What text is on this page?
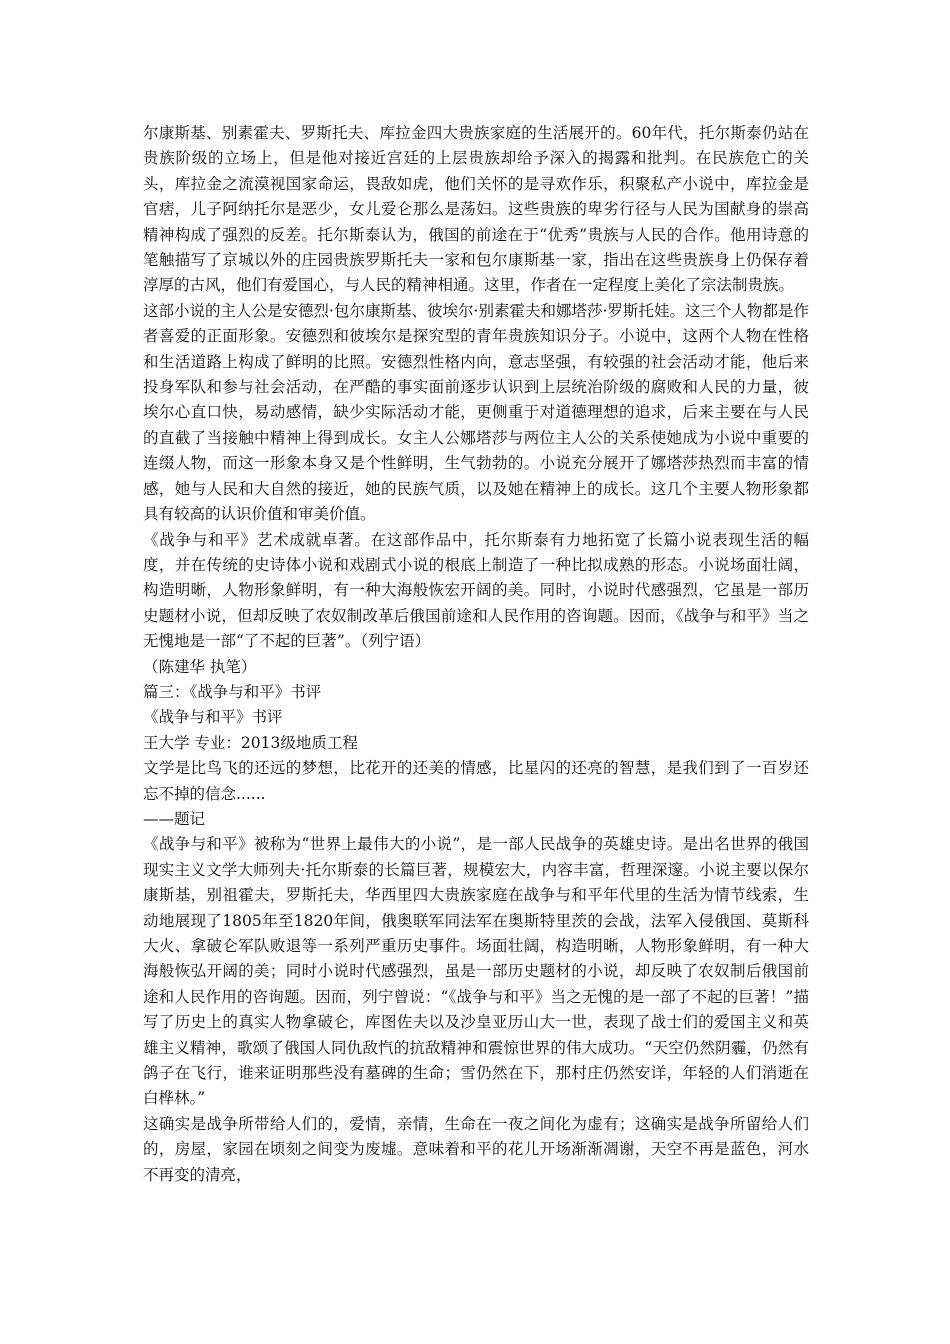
尔康斯基、别素霍夫、罗斯托夫、库拉金四大贵族家庭的生活展开的。60年代，托尔斯泰仍站在贵族阶级的立场上，但是他对接近宫廷的上层贵族却给予深入的揭露和批判。在民族危亡的关头，库拉金之流漠视国家命运，畏敌如虎，他们关怀的是寻欢作乐，积聚私产小说中，库拉金是官痞，儿子阿纳托尔是恶少，女儿爱仑那么是荡妇。这些贵族的卑劣行径与人民为国献身的崇高精神构成了强烈的反差。托尔斯泰认为，俄国的前途在于“优秀”贵族与人民的合作。他用诗意的笔触描写了京城以外的庄园贵族罗斯托夫一家和包尔康斯基一家，指出在这些贵族身上仍保存着淳厚的古风，他们有爱国心，与人民的精神相通。这里，作者在一定程度上美化了宗法制贵族。

这部小说的主人公是安德烈·包尔康斯基、彼埃尔·别素霍夫和娜塔莎·罗斯托娃。这三个人物都是作者喜爱的正面形象。安德烈和彼埃尔是探究型的青年贵族知识分子。小说中，这两个人物在性格和生活道路上构成了鲜明的比照。安德烈性格内向，意志坚强，有较强的社会活动才能，他后来投身军队和参与社会活动，在严酷的事实面前逐步认识到上层统治阶级的腐败和人民的力量，彼埃尔心直口快，易动感情，缺少实际活动才能，更侧重于对道德理想的追求，后来主要在与人民的直截了当接触中精神上得到成长。女主人公娜塔莎与两位主人公的关系使她成为小说中重要的连缀人物，而这一形象本身又是个性鲜明，生气勃勃的。小说充分展开了娜塔莎热烈而丰富的情感，她与人民和大自然的接近，她的民族气质，以及她在精神上的成长。这几个主要人物形象都具有较高的认识价值和审美价值。

《战争与和平》艺术成就卓著。在这部作品中，托尔斯泰有力地拓宽了长篇小说表现生活的幅度，并在传统的史诗体小说和戏剧式小说的根底上制造了一种比拟成熟的形态。小说场面壮阔，构造明晰，人物形象鲜明，有一种大海般恢宏开阔的美。同时，小说时代感强烈，它虽是一部历史题材小说，但却反映了农奴制改革后俄国前途和人民作用的咨询题。因而，《战争与和平》当之无愧地是一部“了不起的巨著”。（列宁语）

（陈建华 执笔）

篇三：《战争与和平》书评

《战争与和平》书评

王大学 专业：2013级地质工程

文学是比鸟飞的还远的梦想，比花开的还美的情感，比星闪的还亮的智慧，是我们到了一百岁还忘不掉的信念......

——题记

《战争与和平》被称为“世界上最伟大的小说”，是一部人民战争的英雄史诗。是出名世界的俄国现实主义文学大师列夫·托尔斯泰的长篇巨著，规模宏大，内容丰富，哲理深邃。小说主要以保尔康斯基，别祖霍夫，罗斯托夫，华西里四大贵族家庭在战争与和平年代里的生活为情节线索，生动地展现了1805年至1820年间，俄奥联军同法军在奥斯特里茨的会战，法军入侵俄国、莫斯科大火、拿破仑军队败退等一系列严重历史事件。场面壮阔，构造明晰，人物形象鲜明，有一种大海般恢弘开阔的美；同时小说时代感强烈，虽是一部历史题材的小说，却反映了农奴制后俄国前途和人民作用的咨询题。因而，列宁曾说：“《战争与和平》当之无愧的是一部了不起的巨著！”描写了历史上的真实人物拿破仑，库图佐夫以及沙皇亚历山大一世，表现了战士们的爱国主义和英雄主义精神，歌颂了俄国人同仇敌忾的抗敌精神和震惊世界的伟大成功。“天空仍然阴霾，仍然有鸽子在飞行，谁来证明那些没有墓碑的生命；雪仍然在下，那村庄仍然安详，年轻的人们消逝在白桦林。”

这确实是战争所带给人们的，爱情，亲情，生命在一夜之间化为虚有；这确实是战争所留给人们的，房屋，家园在顷刻之间变为废墟。意味着和平的花儿开场渐渐凋谢，天空不再是蓝色，河水不再变的清亮，
